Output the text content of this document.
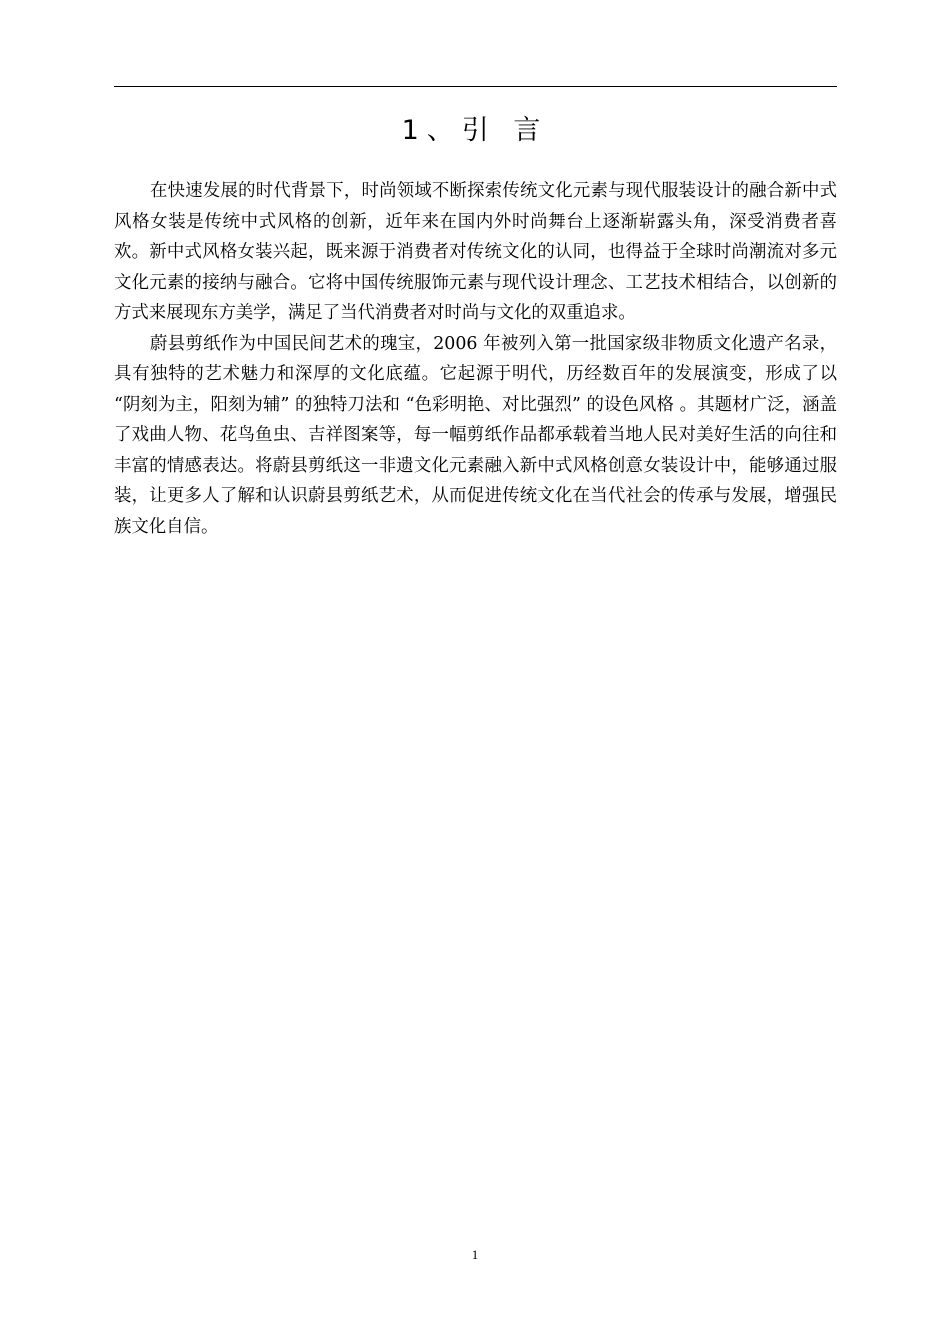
1、引 言

在快速发展的时代背景下，时尚领域不断探索传统文化元素与现代服装设计的融合新中式风格女装是传统中式风格的创新，近年来在国内外时尚舞台上逐渐崭露头角，深受消费者喜欢。新中式风格女装兴起，既来源于消费者对传统文化的认同，也得益于全球时尚潮流对多元文化元素的接纳与融合。它将中国传统服饰元素与现代设计理念、工艺技术相结合，以创新的方式来展现东方美学，满足了当代消费者对时尚与文化的双重追求。

蔚县剪纸作为中国民间艺术的瑰宝，2006 年被列入第一批国家级非物质文化遗产名录，具有独特的艺术魅力和深厚的文化底蕴。它起源于明代，历经数百年的发展演变，形成了以 “阴刻为主，阳刻为辅” 的独特刀法和 “色彩明艳、对比强烈” 的设色风格 。其题材广泛，涵盖了戏曲人物、花鸟鱼虫、吉祥图案等，每一幅剪纸作品都承载着当地人民对美好生活的向往和丰富的情感表达。将蔚县剪纸这一非遗文化元素融入新中式风格创意女装设计中，能够通过服装，让更多人了解和认识蔚县剪纸艺术，从而促进传统文化在当代社会的传承与发展，增强民族文化自信。

1
